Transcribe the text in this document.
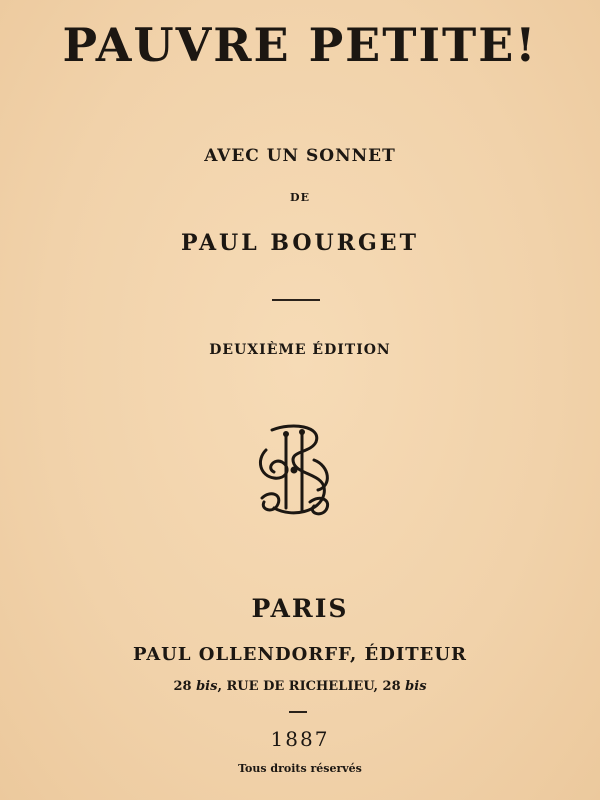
PAUVRE PETITE!
AVEC UN SONNET
DE
PAUL BOURGET
DEUXIÈME ÉDITION
PARIS
PAUL OLLENDORFF, ÉDITEUR
28 bis, RUE DE RICHELIEU, 28 bis
1887
Tous droits réservés
